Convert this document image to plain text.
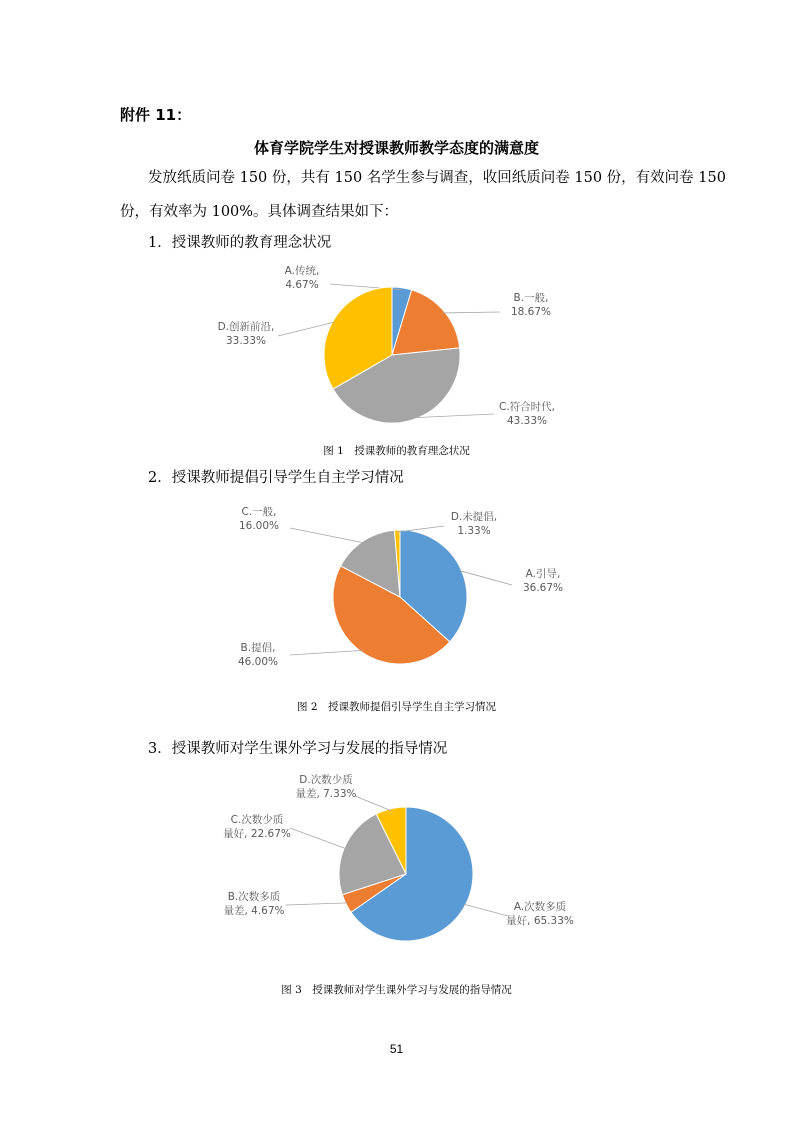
附件 11：
体育学院学生对授课教师教学态度的满意度
发放纸质问卷 150 份，共有 150 名学生参与调查，收回纸质问卷 150 份，有效问卷 150
份，有效率为 100%。具体调查结果如下：
1．授课教师的教育理念状况
2．授课教师提倡引导学生自主学习情况
3．授课教师对学生课外学习与发展的指导情况
A.传统,
4.67%
B.一般,
18.67%
C.符合时代,
43.33%
D.创新前沿,
33.33%
A.引导,
36.67%
B.提倡,
46.00%
C.一般,
16.00%
D.未提倡,
1.33%
A.次数多质
量好, 65.33%
B.次数多质
量差, 4.67%
C.次数少质
量好, 22.67%
D.次数少质
量差, 7.33%
图 1　授课教师的教育理念状况
图 2　授课教师提倡引导学生自主学习情况
图 3　授课教师对学生课外学习与发展的指导情况
51
